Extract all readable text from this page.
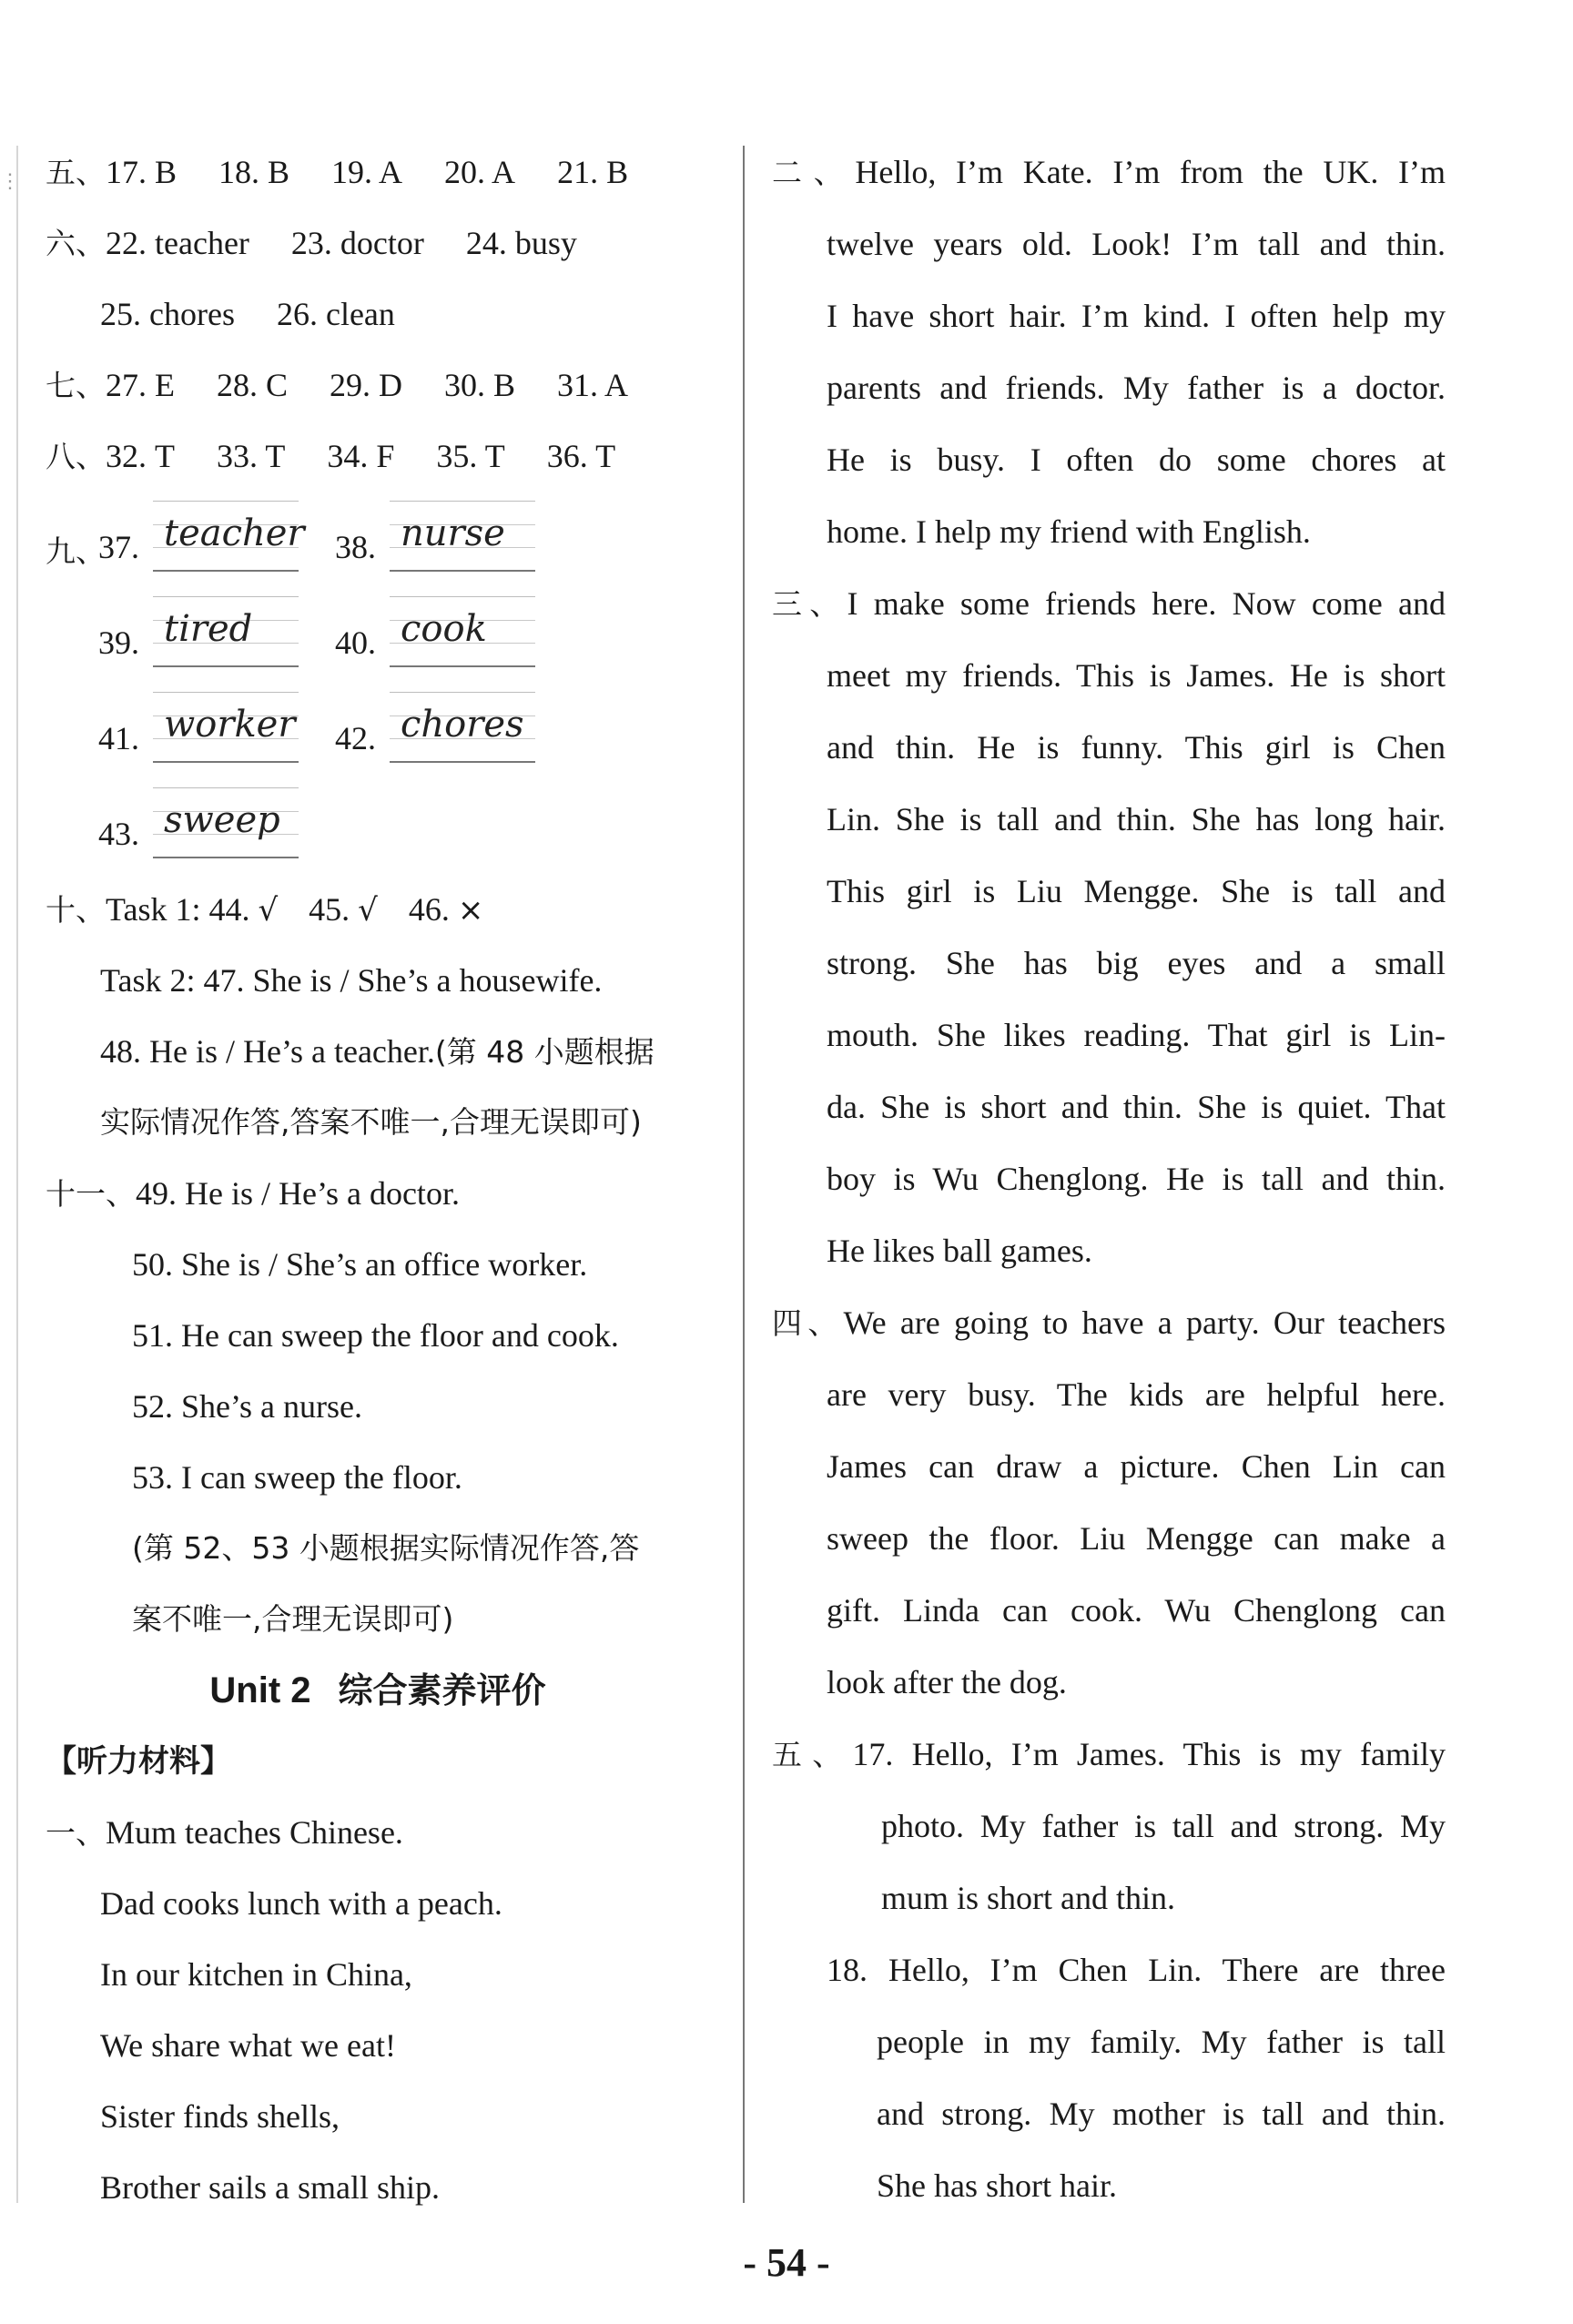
⋮ 五、17. B 18. B 19. A 20. A 21. B
六、22. teacher 23. doctor 24. busy
25. chores 26. clean
七、27. E 28. C 29. D 30. B 31. A
八、32. T 33. T 34. F 35. T 36. T
九、
37. teacher 38. nurse
39. tired	40. cook
41. worker 42. chores
43. sweep
十、Task 1: 44. √ 45. √ 46. ×
Task 2: 47. She is / She’s a housewife.
48. He is / He’s a teacher.(第 48 小题根据
实际情况作答,答案不唯一,合理无误即可)
十一、49. He is / He’s a doctor.
50. She is / She’s an office worker.
51. He can sweep the floor and cook.
52. She’s a nurse.
53. I can sweep the floor.
(第 52、53 小题根据实际情况作答,答
案不唯一,合理无误即可)
Unit 2 综合素养评价
【听力材料】
一、Mum teaches Chinese.
Dad cooks lunch with a peach.
In our kitchen in China,
We share what we eat!
Sister finds shells,
Brother sails a small ship.
二、Hello, I’m Kate. I’m from the UK. I’m
twelve years old. Look! I’m tall and thin.
I have short hair. I’m kind. I often help my
parents and friends. My father is a doctor.
He is busy. I often do some chores at
home. I help my friend with English.
三、I make some friends here. Now come and
meet my friends. This is James. He is short
and thin. He is funny. This girl is Chen
Lin. She is tall and thin. She has long hair.
This girl is Liu Mengge. She is tall and
strong. She has big eyes and a small
mouth. She likes reading. That girl is Lin-
da. She is short and thin. She is quiet. That
boy is Wu Chenglong. He is tall and thin.
He likes ball games.
四、We are going to have a party. Our teachers
are very busy. The kids are helpful here.
James can draw a picture. Chen Lin can
sweep the floor. Liu Mengge can make a
gift. Linda can cook. Wu Chenglong can
look after the dog.
五、17. Hello, I’m James. This is my family
photo. My father is tall and strong. My
mum is short and thin.
18. Hello, I’m Chen Lin. There are three
people in my family. My father is tall
and strong. My mother is tall and thin.
She has short hair.
- 54 -
